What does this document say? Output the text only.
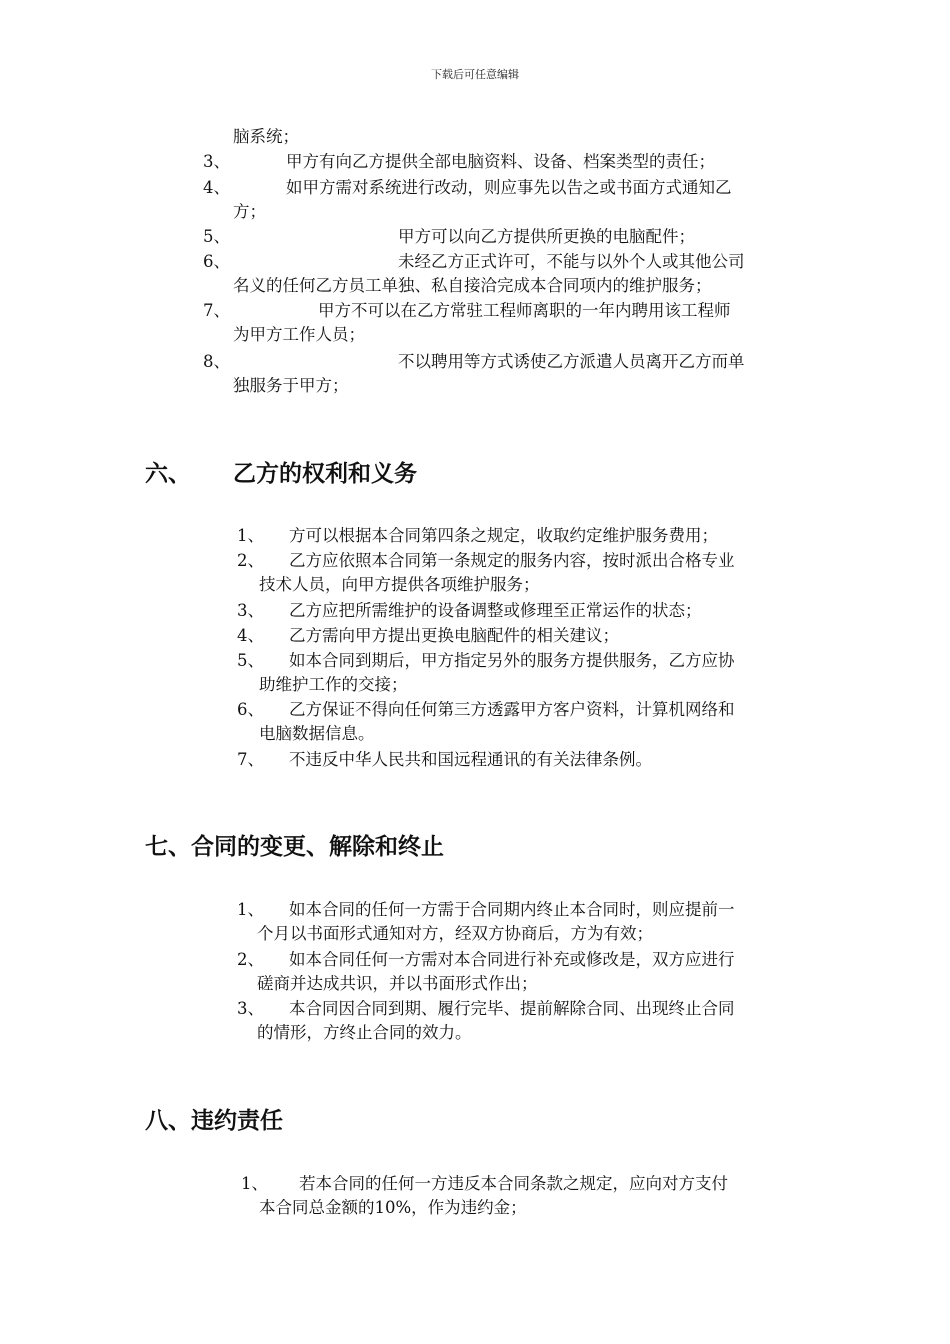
下载后可任意编辑
脑系统；
3、	甲方有向乙方提供全部电脑资料、设备、档案类型的责任；
4、	如甲方需对系统进行改动，则应事先以告之或书面方式通知乙
方；
5、	甲方可以向乙方提供所更换的电脑配件；
6、	未经乙方正式许可，不能与以外个人或其他公司
名义的任何乙方员工单独、私自接洽完成本合同项内的维护服务；
7、	甲方不可以在乙方常驻工程师离职的一年内聘用该工程师
为甲方工作人员；
8、	不以聘用等方式诱使乙方派遣人员离开乙方而单
独服务于甲方；
六、 乙方的权利和义务
1、 方可以根据本合同第四条之规定，收取约定维护服务费用；
2、 乙方应依照本合同第一条规定的服务内容，按时派出合格专业
技术人员，向甲方提供各项维护服务；
3、 乙方应把所需维护的设备调整或修理至正常运作的状态；
4、 乙方需向甲方提出更换电脑配件的相关建议；
5、 如本合同到期后，甲方指定另外的服务方提供服务，乙方应协
助维护工作的交接；
6、 乙方保证不得向任何第三方透露甲方客户资料，计算机网络和
电脑数据信息。
7、 不违反中华人民共和国远程通讯的有关法律条例。
七、合同的变更、解除和终止
1、 如本合同的任何一方需于合同期内终止本合同时，则应提前一
个月以书面形式通知对方，经双方协商后，方为有效；
2、 如本合同任何一方需对本合同进行补充或修改是，双方应进行
磋商并达成共识，并以书面形式作出；
3、 本合同因合同到期、履行完毕、提前解除合同、出现终止合同
的情形，方终止合同的效力。
八、违约责任
1、 若本合同的任何一方违反本合同条款之规定，应向对方支付
本合同总金额的10%，作为违约金；
